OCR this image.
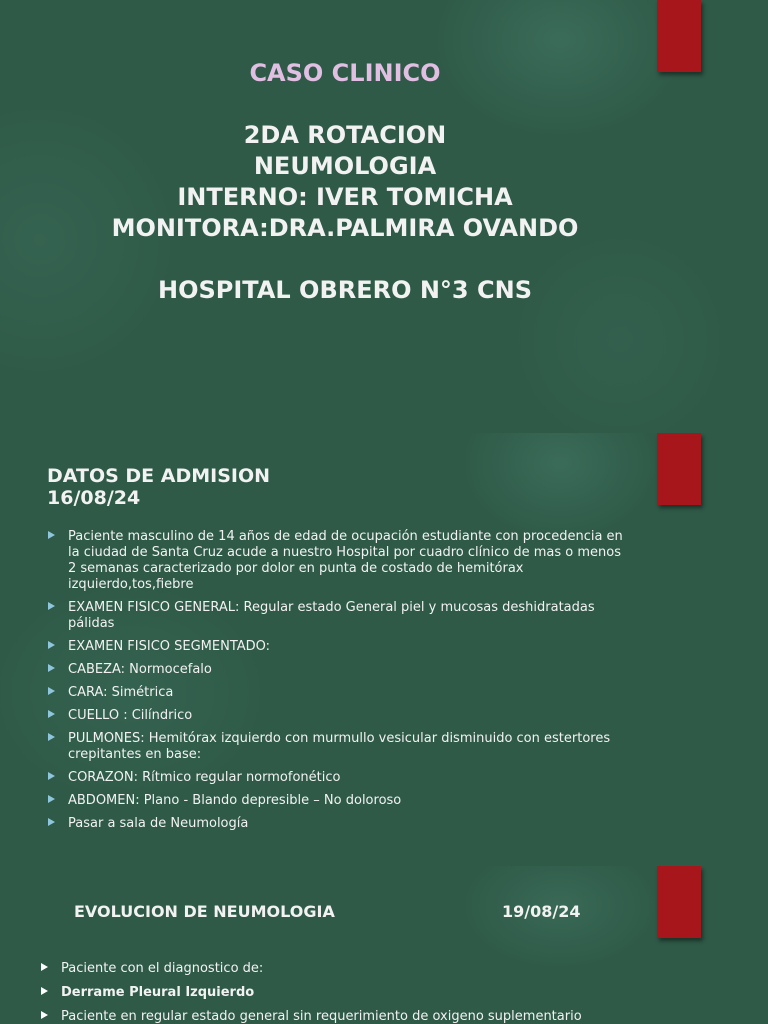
CASO CLINICO
2DA ROTACION
NEUMOLOGIA
INTERNO: IVER TOMICHA
MONITORA:DRA.PALMIRA OVANDO
HOSPITAL OBRERO N°3 CNS
DATOS DE ADMISION
16/08/24
Paciente masculino de 14 años de edad de ocupación estudiante con procedencia en la ciudad de Santa Cruz acude a nuestro Hospital por cuadro clínico de mas o menos 2 semanas caracterizado por dolor en punta de costado de hemitórax izquierdo,tos,fiebre
EXAMEN FISICO GENERAL: Regular estado General piel y mucosas deshidratadas pálidas
EXAMEN FISICO SEGMENTADO:
CABEZA: Normocefalo
CARA: Simétrica
CUELLO : Cilíndrico
PULMONES: Hemitórax izquierdo con murmullo vesicular disminuido con estertores crepitantes en base:
CORAZON: Rítmico regular normofonético
ABDOMEN: Plano - Blando depresible – No doloroso
Pasar a sala de Neumología
EVOLUCION DE NEUMOLOGIA	19/08/24
Paciente con el diagnostico de:
Derrame Pleural Izquierdo
Paciente en regular estado general sin requerimiento de oxigeno suplementario
